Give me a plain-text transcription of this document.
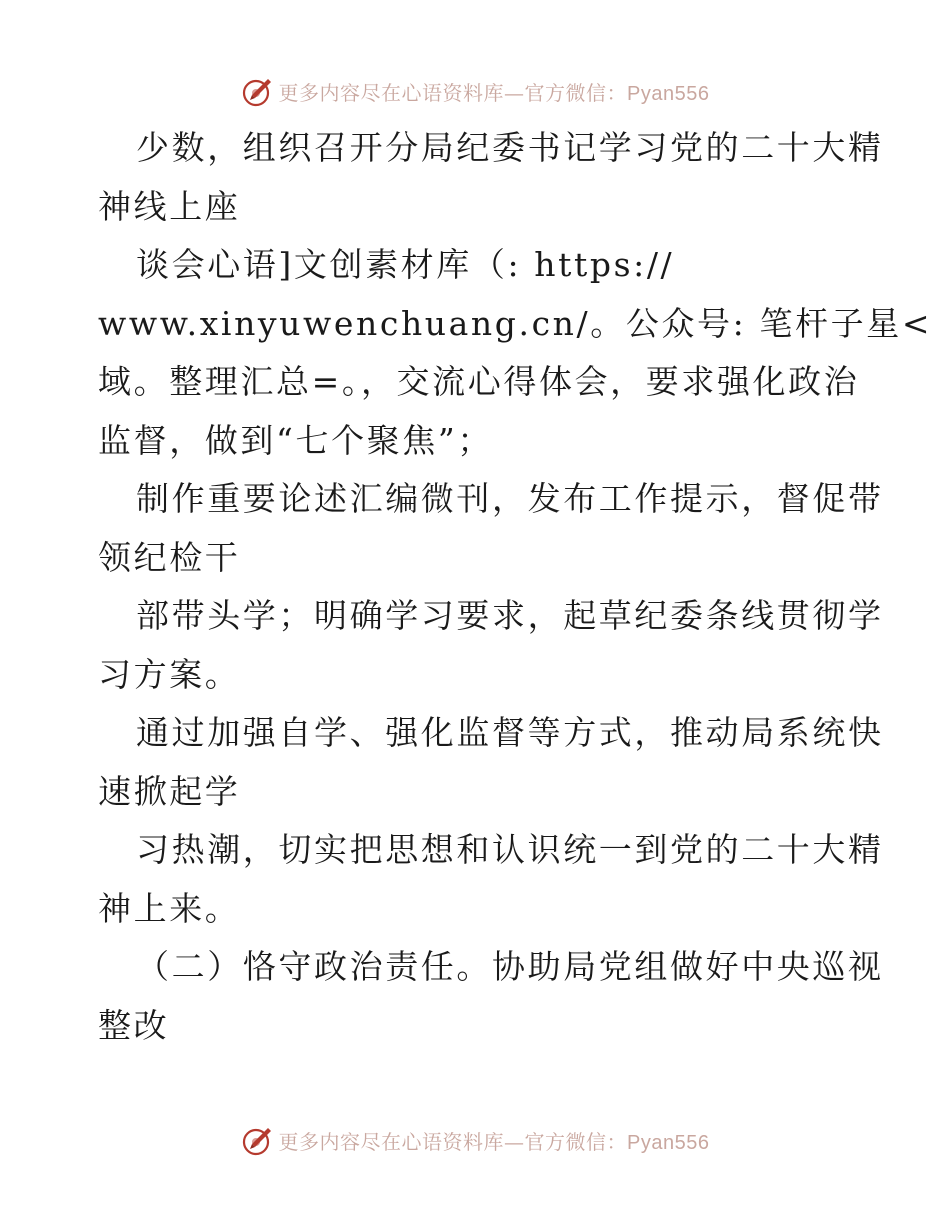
更多内容尽在心语资料库—官方微信：Pyan556
少数，组织召开分局纪委书记学习党的二十大精
神线上座
谈会心语]文创素材库（: https://
www.xinyuwenchuang.cn/。公众号: 笔杆子星<
域。整理汇总=。，交流心得体会，要求强化政治
监督，做到“七个聚焦”；
制作重要论述汇编微刊，发布工作提示，督促带
领纪检干
部带头学；明确学习要求，起草纪委条线贯彻学
习方案。
通过加强自学、强化监督等方式，推动局系统快
速掀起学
习热潮，切实把思想和认识统一到党的二十大精
神上来。
（二）恪守政治责任。协助局党组做好中央巡视
整改
更多内容尽在心语资料库—官方微信：Pyan556
